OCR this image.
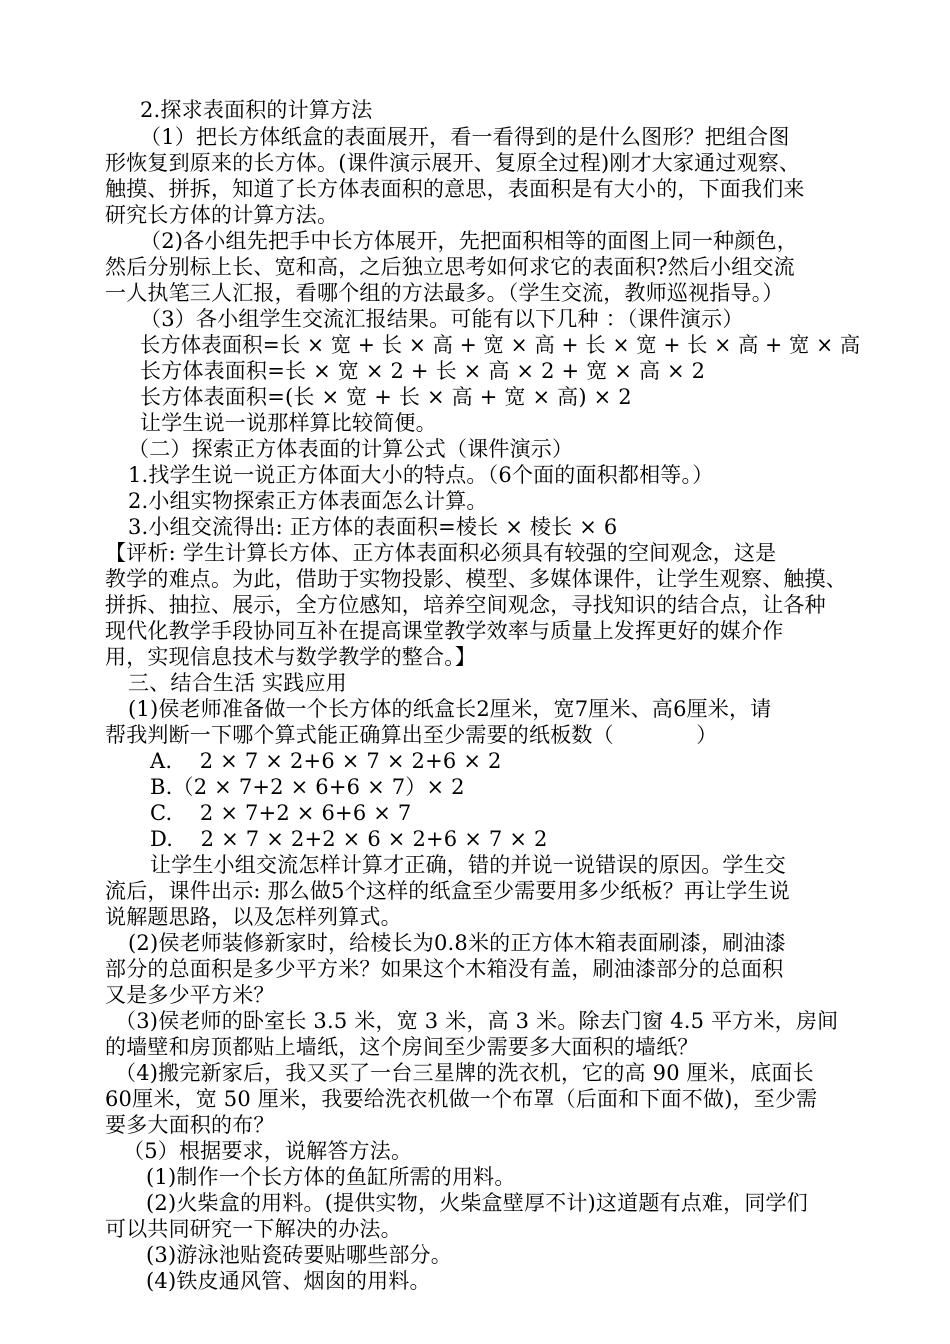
2.探求表面积的计算方法
（1）把长方体纸盒的表面展开，看一看得到的是什么图形？把组合图
形恢复到原来的长方体。(课件演示展开、复原全过程)刚才大家通过观察、
触摸、拼拆，知道了长方体表面积的意思，表面积是有大小的，下面我们来
研究长方体的计算方法。
（2)各小组先把手中长方体展开，先把面积相等的面图上同一种颜色，
然后分别标上长、宽和高，之后独立思考如何求它的表面积?然后小组交流
一人执笔三人汇报，看哪个组的方法最多。（学生交流，教师巡视指导。）
（3）各小组学生交流汇报结果。可能有以下几种 ：（课件演示）
长方体表面积=长 × 宽 + 长 × 高 + 宽 × 高 + 长 × 宽 + 长 × 高 + 宽 × 高
长方体表面积=长 × 宽 × 2 + 长 × 高 × 2 + 宽 × 高 × 2
长方体表面积=(长 × 宽 + 长 × 高 + 宽 × 高) × 2
让学生说一说那样算比较简便。
（二）探索正方体表面的计算公式（课件演示）
1.找学生说一说正方体面大小的特点。（6个面的面积都相等。）
2.小组实物探索正方体表面怎么计算。
3.小组交流得出: 正方体的表面积=棱长 × 棱长 × 6
【评析: 学生计算长方体、正方体表面积必须具有较强的空间观念，这是
教学的难点。为此，借助于实物投影、模型、多媒体课件，让学生观察、触摸、
拼拆、抽拉、展示，全方位感知，培养空间观念，寻找知识的结合点，让各种
现代化教学手段协同互补在提高课堂教学效率与质量上发挥更好的媒介作
用，实现信息技术与数学教学的整合。】
三、结合生活 实践应用
(1)侯老师准备做一个长方体的纸盒长2厘米，宽7厘米、高6厘米，请
帮我判断一下哪个算式能正确算出至少需要的纸板数（            ）
A.    2 × 7 × 2+6 × 7 × 2+6 × 2
B.（2 × 7+2 × 6+6 × 7）× 2
C.    2 × 7+2 × 6+6 × 7
D.    2 × 7 × 2+2 × 6 × 2+6 × 7 × 2
让学生小组交流怎样计算才正确，错的并说一说错误的原因。学生交
流后，课件出示: 那么做5个这样的纸盒至少需要用多少纸板？再让学生说
说解题思路，以及怎样列算式。
(2)侯老师装修新家时，给棱长为0.8米的正方体木箱表面刷漆，刷油漆
部分的总面积是多少平方米？如果这个木箱没有盖，刷油漆部分的总面积
又是多少平方米？
（3)侯老师的卧室长 3.5 米，宽 3 米，高 3 米。除去门窗 4.5 平方米，房间
的墙壁和房顶都贴上墙纸，这个房间至少需要多大面积的墙纸？
（4)搬完新家后，我又买了一台三星牌的洗衣机，它的高 90 厘米，底面长
60厘米，宽 50 厘米，我要给洗衣机做一个布罩（后面和下面不做)，至少需
要多大面积的布？
（5）根据要求，说解答方法。
(1)制作一个长方体的鱼缸所需的用料。
(2)火柴盒的用料。(提供实物，火柴盒壁厚不计)这道题有点难，同学们
可以共同研究一下解决的办法。
(3)游泳池贴瓷砖要贴哪些部分。
(4)铁皮通风管、烟囱的用料。
